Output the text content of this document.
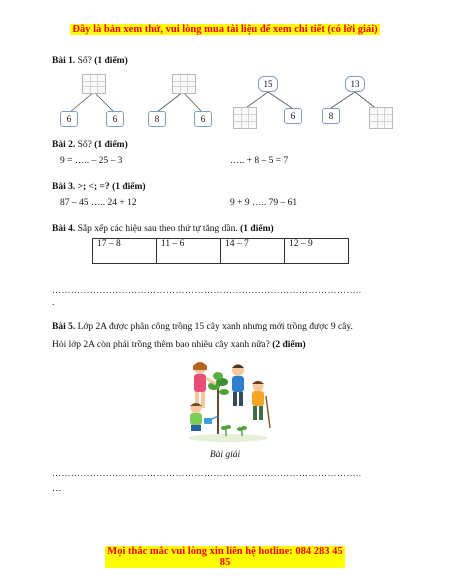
Đây là bản xem thử, vui lòng mua tài liệu để xem chi tiết (có lời giải)
Bài 1. Số? (1 điểm)
6	6	8	6
15
6
13
8
Bài 2. Số? (1 điểm)
9 = ….. – 25 – 3	….. + 8 – 5 = 7
Bài 3. >; <; =? (1 điểm)
87 – 45 ….. 24 + 12	9 + 9 ….. 79 – 61
Bài 4. Sắp xếp các hiệu sau theo thứ tự tăng dần. (1 điểm)
17 – 8	11 – 6	14 – 7	12 – 9
……………………………………………………………………………………..
.
Bài 5. Lớp 2A được phân công trồng 15 cây xanh nhưng mới trồng được 9 cây.
Hỏi lớp 2A còn phải trồng thêm bao nhiêu cây xanh nữa? (2 điểm)
Bài giải
……………………………………………………………………………………..
…
Mọi thắc mắc vui lòng xin liên hệ hotline: 084 283 45 85
